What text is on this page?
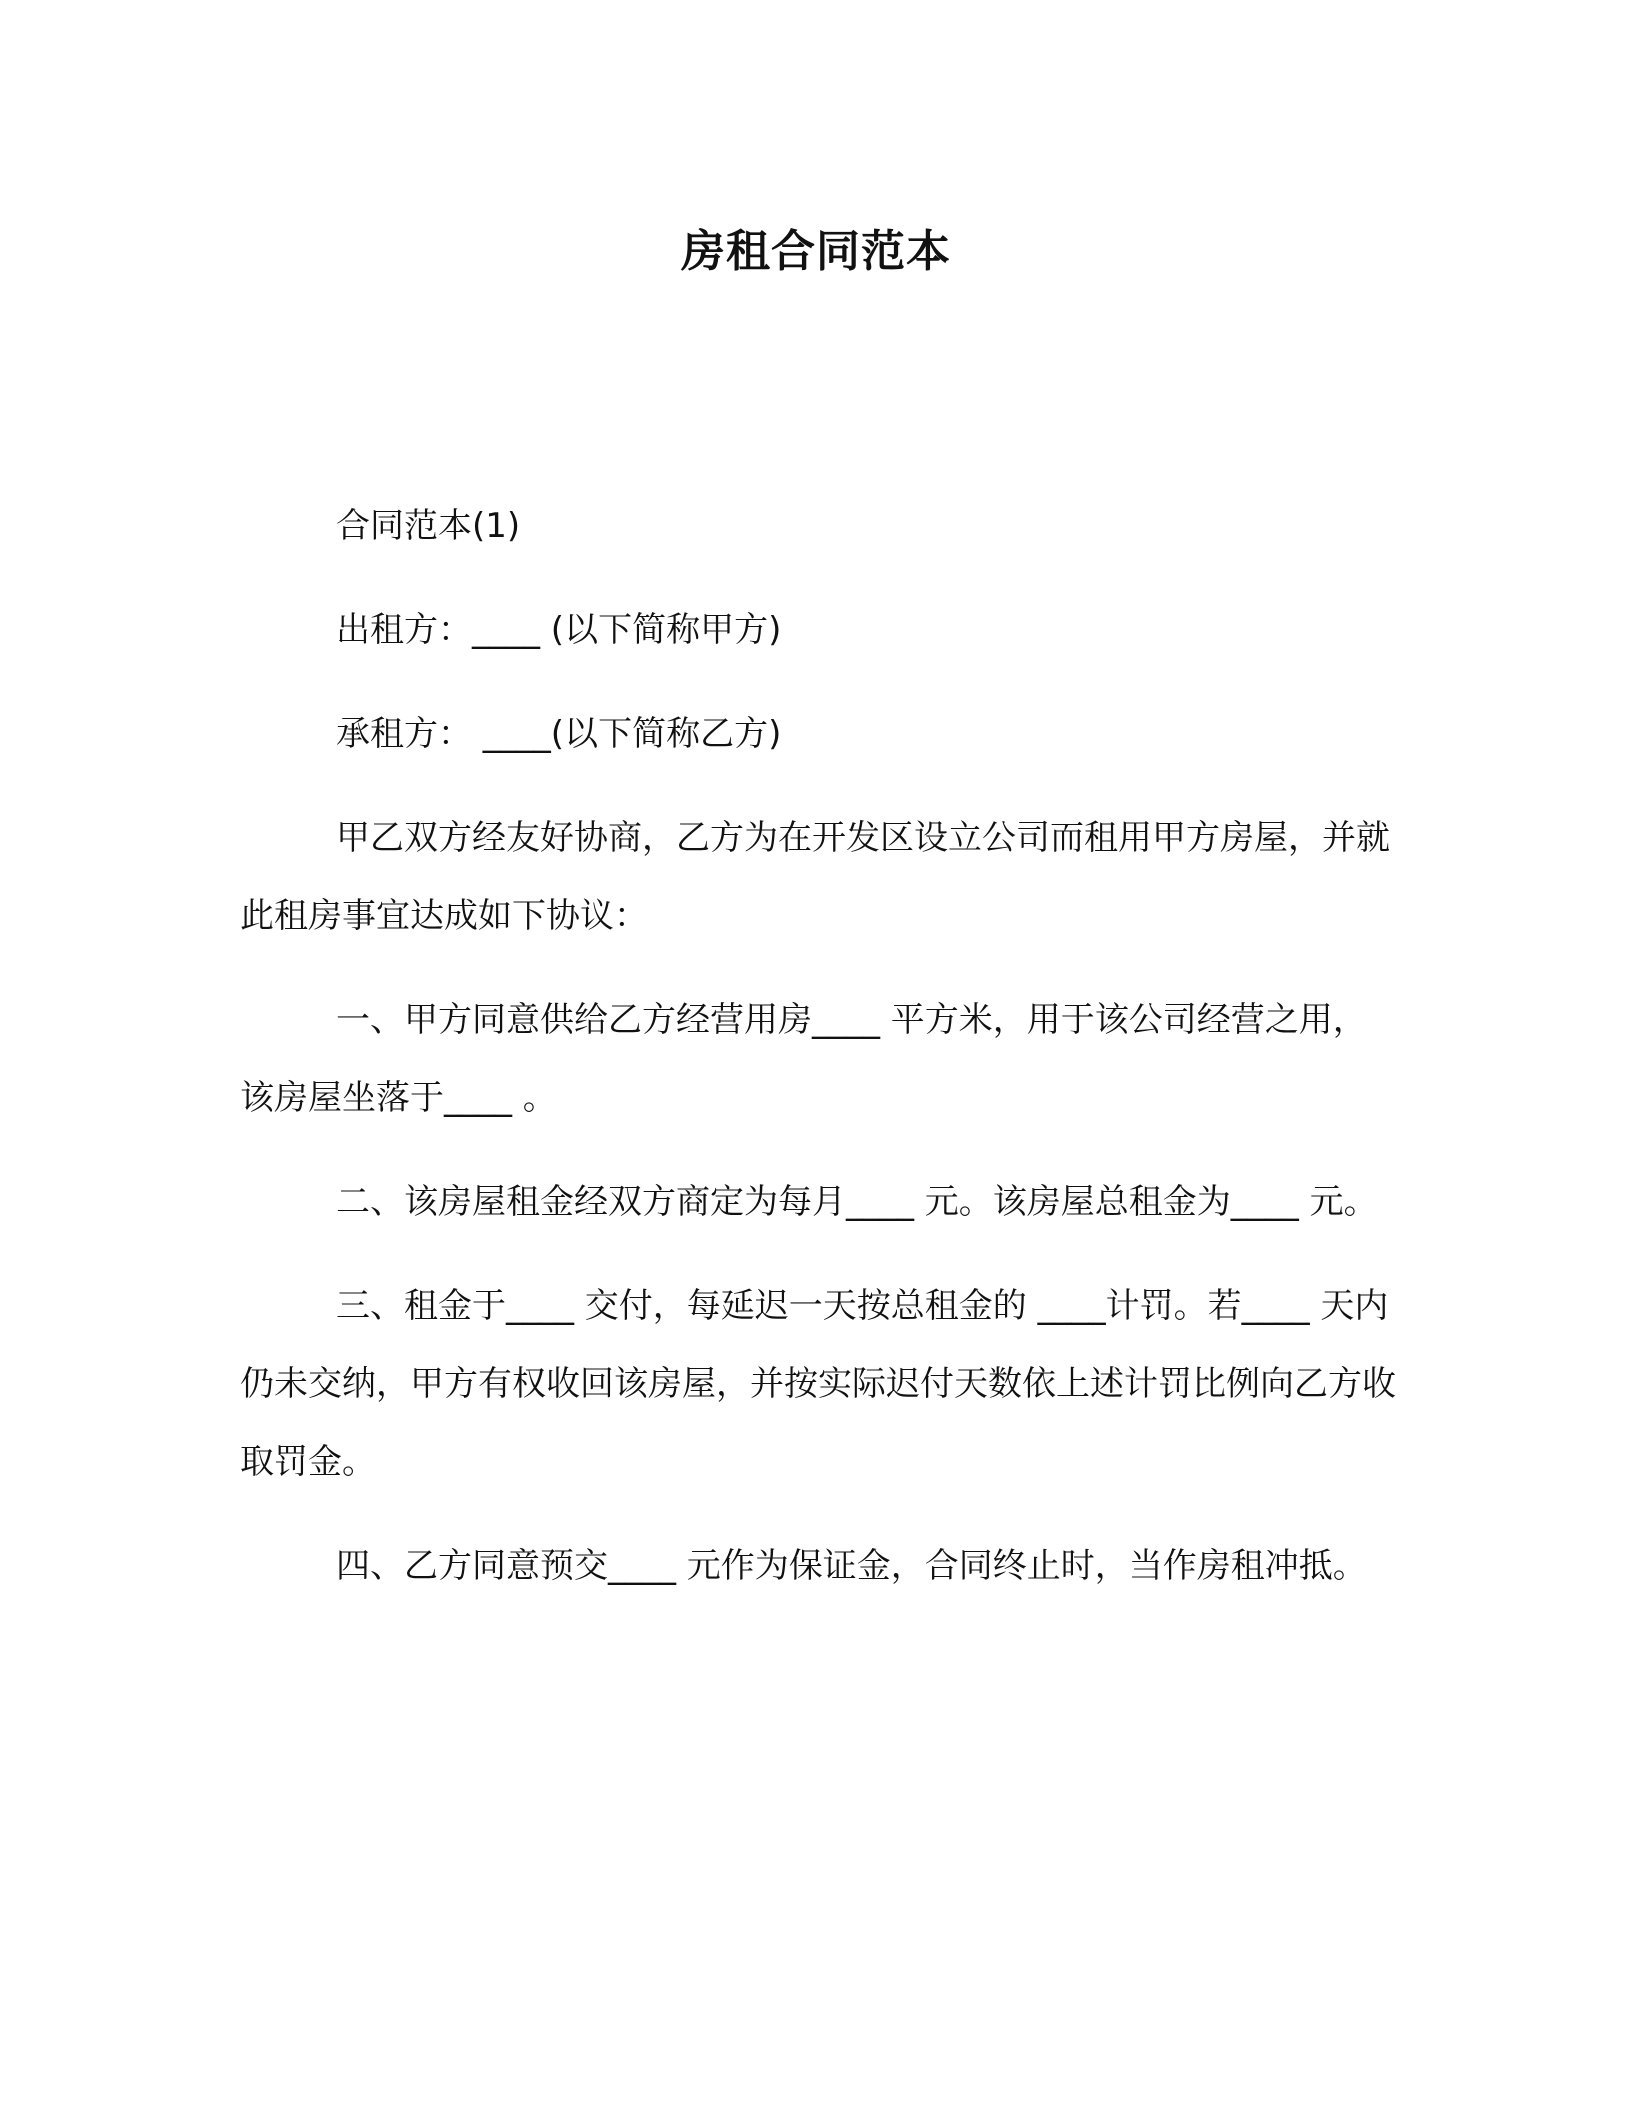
房租合同范本

合同范本(1)

出租方：____ (以下简称甲方)

承租方： ____(以下简称乙方)

甲乙双方经友好协商，乙方为在开发区设立公司而租用甲方房屋，并就此租房事宜达成如下协议：

一、甲方同意供给乙方经营用房____ 平方米，用于该公司经营之用，该房屋坐落于____ 。

二、该房屋租金经双方商定为每月____ 元。该房屋总租金为____ 元。

三、租金于____ 交付，每延迟一天按总租金的 ____计罚。若____ 天内仍未交纳，甲方有权收回该房屋，并按实际迟付天数依上述计罚比例向乙方收取罚金。

四、乙方同意预交____ 元作为保证金，合同终止时，当作房租冲抵。
